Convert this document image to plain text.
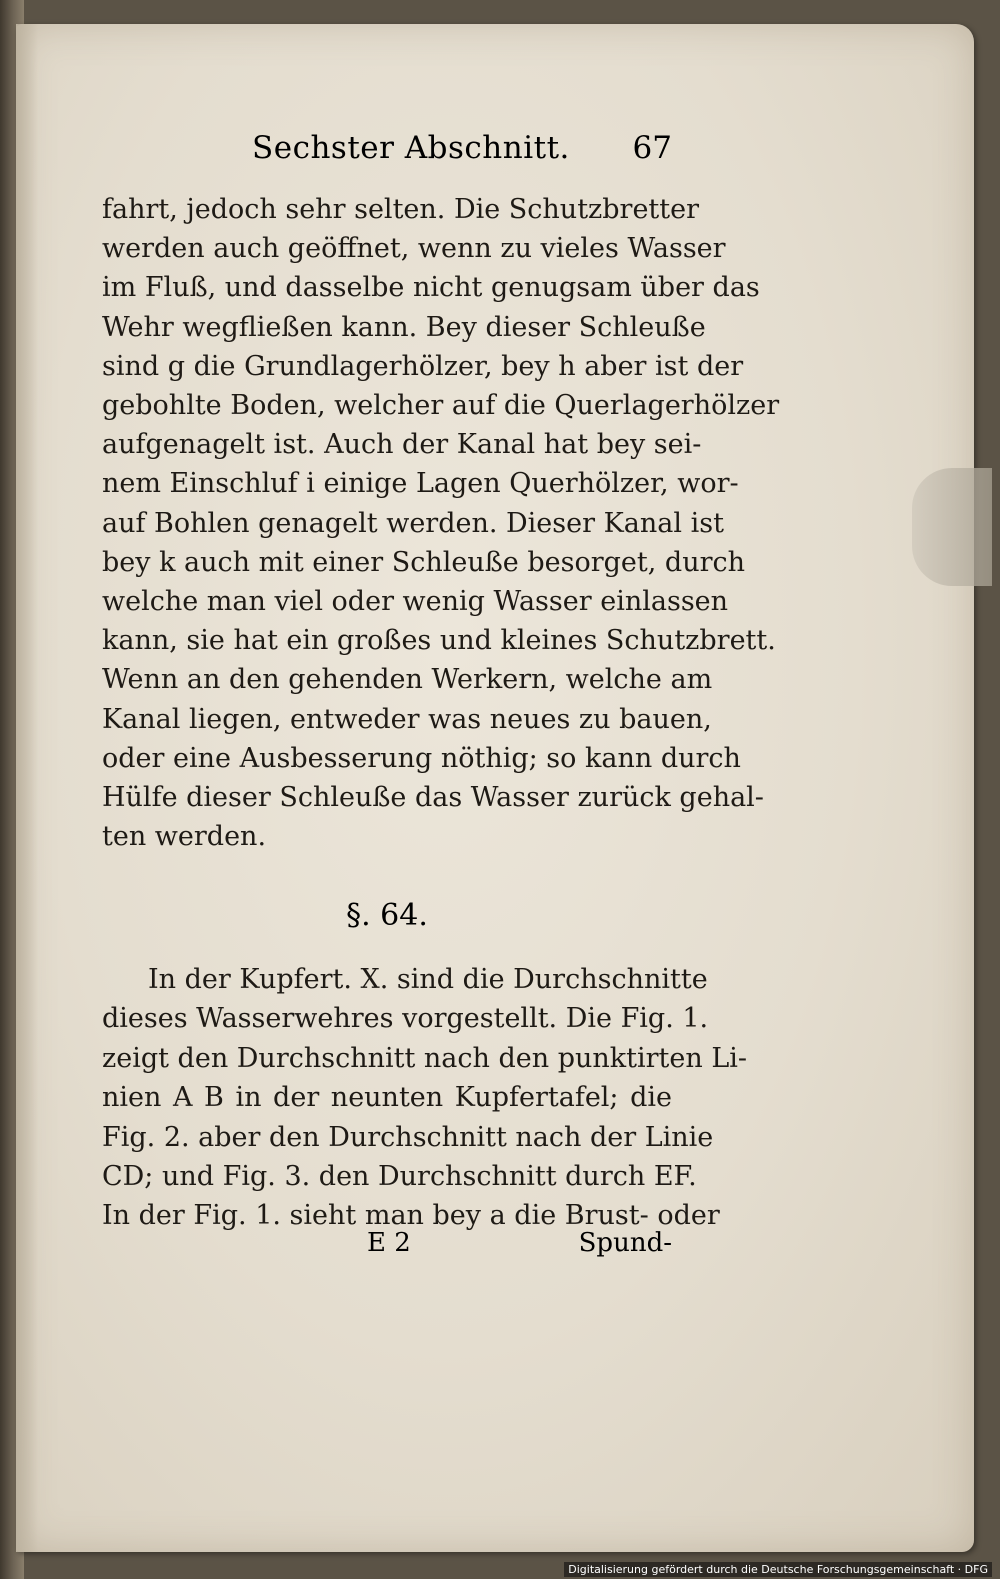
Sechster Abschnitt. 67
fahrt, jedoch sehr selten. Die Schutzbretter
werden auch geöffnet, wenn zu vieles Wasser
im Fluß, und dasselbe nicht genugsam über das
Wehr wegfließen kann. Bey dieser Schleuße
sind g die Grundlagerhölzer, bey h aber ist der
gebohlte Boden, welcher auf die Querlagerhölzer
aufgenagelt ist. Auch der Kanal hat bey sei-
nem Einschluf i einige Lagen Querhölzer, wor-
auf Bohlen genagelt werden. Dieser Kanal ist
bey k auch mit einer Schleuße besorget, durch
welche man viel oder wenig Wasser einlassen
kann, sie hat ein großes und kleines Schutzbrett.
Wenn an den gehenden Werkern, welche am
Kanal liegen, entweder was neues zu bauen,
oder eine Ausbesserung nöthig; so kann durch
Hülfe dieser Schleuße das Wasser zurück gehal-
ten werden.
§. 64.
In der Kupfert. X. sind die Durchschnitte
dieses Wasserwehres vorgestellt. Die Fig. 1.
zeigt den Durchschnitt nach den punktirten Li-
nien A B in der neunten Kupfertafel; die
Fig. 2. aber den Durchschnitt nach der Linie
CD; und Fig. 3. den Durchschnitt durch EF.
In der Fig. 1. sieht man bey a die Brust- oder
E 2	Spund-
Digitalisierung gefördert durch die Deutsche Forschungsgemeinschaft · DFG
